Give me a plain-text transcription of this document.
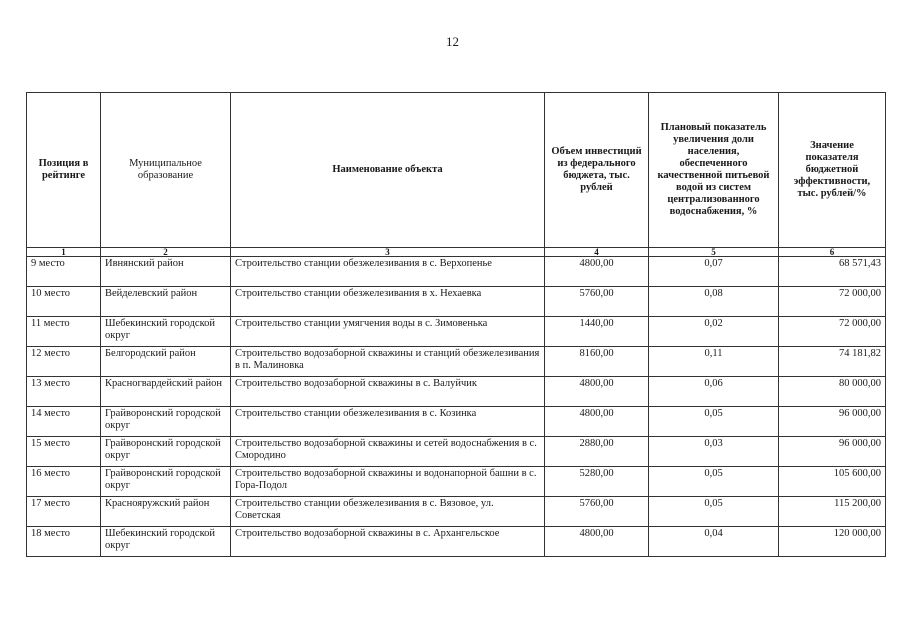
12
Позиция в рейтинге	Муниципальное образование	Наименование объекта	Объем инвестиций из федерального бюджета, тыс. рублей	Плановый показатель увеличения доли населения, обеспеченного качественной питьевой водой из систем централизованного водоснабжения, %	Значение показателя бюджетной эффективности, тыс. рублей/%
1	2	3	4	5	6
9 место	Ивнянский район	Строительство станции обезжелезивания в с. Верхопенье	4800,00	0,07	68 571,43
10 место	Вейделевский район	Строительство станции обезжелезивания в х. Нехаевка	5760,00	0,08	72 000,00
11 место	Шебекинский городской округ	Строительство станции умягчения воды в с. Зимовенька	1440,00	0,02	72 000,00
12 место	Белгородский район	Строительство водозаборной скважины и станций обезжелезивания в п. Малиновка	8160,00	0,11	74 181,82
13 место	Красногвардейский район	Строительство водозаборной скважины в с. Валуйчик	4800,00	0,06	80 000,00
14 место	Грайворонский городской округ	Строительство станции обезжелезивания в с. Козинка	4800,00	0,05	96 000,00
15 место	Грайворонский городской округ	Строительство водозаборной скважины и сетей водоснабжения в с. Смородино	2880,00	0,03	96 000,00
16 место	Грайворонский городской округ	Строительство водозаборной скважины и водонапорной башни в с. Гора-Подол	5280,00	0,05	105 600,00
17 место	Краснояружский район	Строительство станции обезжелезивания в с. Вязовое, ул. Советская	5760,00	0,05	115 200,00
18 место	Шебекинский городской округ	Строительство водозаборной скважины в с. Архангельское	4800,00	0,04	120 000,00
